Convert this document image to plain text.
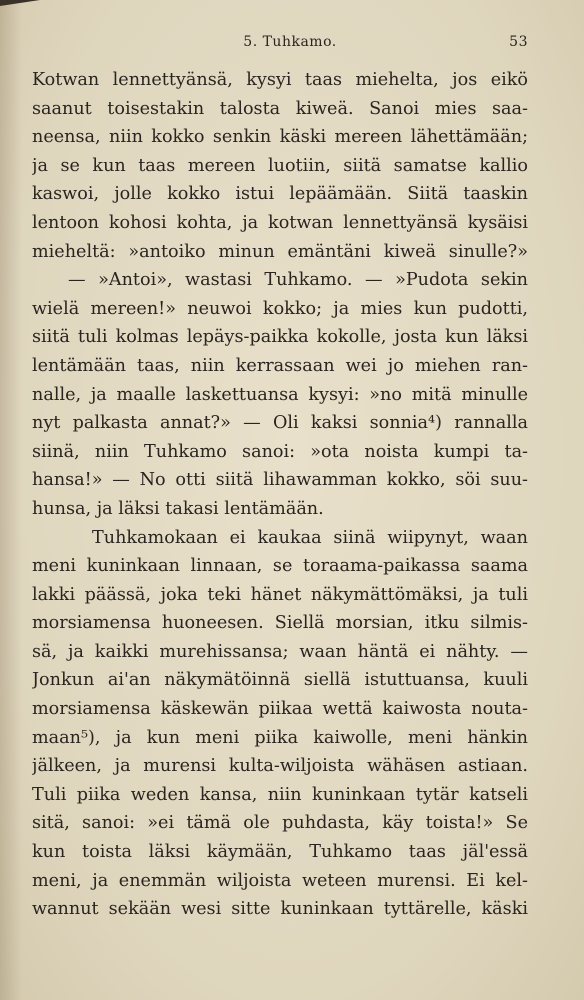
5. Tuhkamo.	53
Kotwan lennettyänsä, kysyi taas miehelta, jos eikö
saanut toisestakin talosta kiweä. Sanoi mies saa-
neensa, niin kokko senkin käski mereen lähettämään;
ja se kun taas mereen luotiin, siitä samatse kallio
kaswoi, jolle kokko istui lepäämään. Siitä taaskin
lentoon kohosi kohta, ja kotwan lennettyänsä kysäisi
mieheltä: »antoiko minun emäntäni kiweä sinulle?»
— »Antoi», wastasi Tuhkamo. — »Pudota sekin
wielä mereen!» neuwoi kokko; ja mies kun pudotti,
siitä tuli kolmas lepäys-paikka kokolle, josta kun läksi
lentämään taas, niin kerrassaan wei jo miehen ran-
nalle, ja maalle laskettuansa kysyi: »no mitä minulle
nyt palkasta annat?» — Oli kaksi sonnia⁴) rannalla
siinä, niin Tuhkamo sanoi: »ota noista kumpi ta-
hansa!» — No otti siitä lihawamman kokko, söi suu-
hunsa, ja läksi takasi lentämään.
Tuhkamokaan ei kaukaa siinä wiipynyt, waan
meni kuninkaan linnaan, se toraama-paikassa saama
lakki päässä, joka teki hänet näkymättömäksi, ja tuli
morsiamensa huoneesen. Siellä morsian, itku silmis-
sä, ja kaikki murehissansa; waan häntä ei nähty. —
Jonkun ai'an näkymätöinnä siellä istuttuansa, kuuli
morsiamensa käskewän piikaa wettä kaiwosta nouta-
maan⁵), ja kun meni piika kaiwolle, meni hänkin
jälkeen, ja murensi kulta-wiljoista wähäsen astiaan.
Tuli piika weden kansa, niin kuninkaan tytär katseli
sitä, sanoi: »ei tämä ole puhdasta, käy toista!» Se
kun toista läksi käymään, Tuhkamo taas jäl'essä
meni, ja enemmän wiljoista weteen murensi. Ei kel-
wannut sekään wesi sitte kuninkaan tyttärelle, käski
